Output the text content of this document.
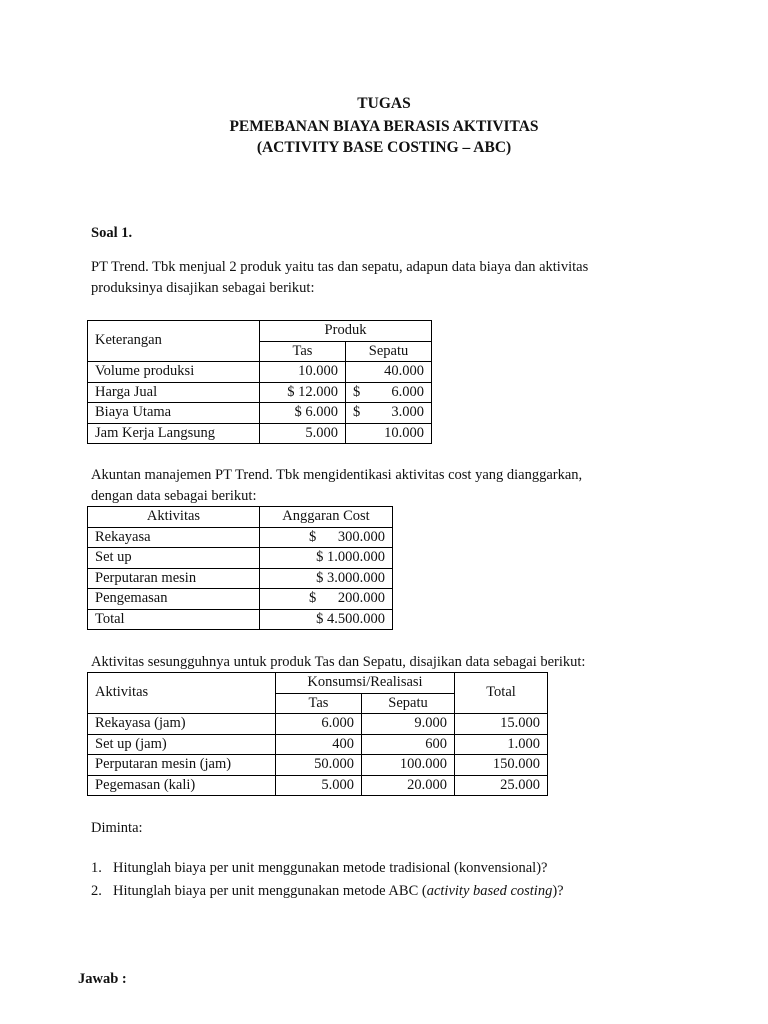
TUGAS
PEMEBANAN BIAYA BERASIS AKTIVITAS
(ACTIVITY BASE COSTING – ABC)
Soal 1.
PT Trend. Tbk menjual 2 produk yaitu tas dan sepatu, adapun data biaya dan aktivitas
produksinya disajikan sebagai berikut:
Keterangan	Produk	
	Tas	Sepatu
Volume produksi	10.000	40.000
Harga Jual	$ 12.000	$ 6.000

Biaya Utama	$ 6.000	$ 3.000

Jam Kerja Langsung	5.000	10.000
Akuntan manajemen PT Trend. Tbk mengidentikasi aktivitas cost yang dianggarkan,
dengan data sebagai berikut:
Aktivitas	Anggaran Cost
Rekayasa	$ 300.000

Set up	$ 1.000.000
Perputaran mesin	$ 3.000.000
Pengemasan	$ 200.000

Total	$ 4.500.000
Aktivitas sesungguhnya untuk produk Tas dan Sepatu, disajikan data sebagai berikut:
Aktivitas	Konsumsi/Realisasi		Total
	Tas	Sepatu	
Rekayasa (jam)	6.000	9.000	15.000
Set up (jam)	400	600	1.000
Perputaran mesin (jam)	50.000	100.000	150.000
Pegemasan (kali)	5.000	20.000	25.000
Diminta:
1. Hitunglah biaya per unit menggunakan metode tradisional (konvensional)?
2. Hitunglah biaya per unit menggunakan metode ABC (activity based costing)?
Jawab :
